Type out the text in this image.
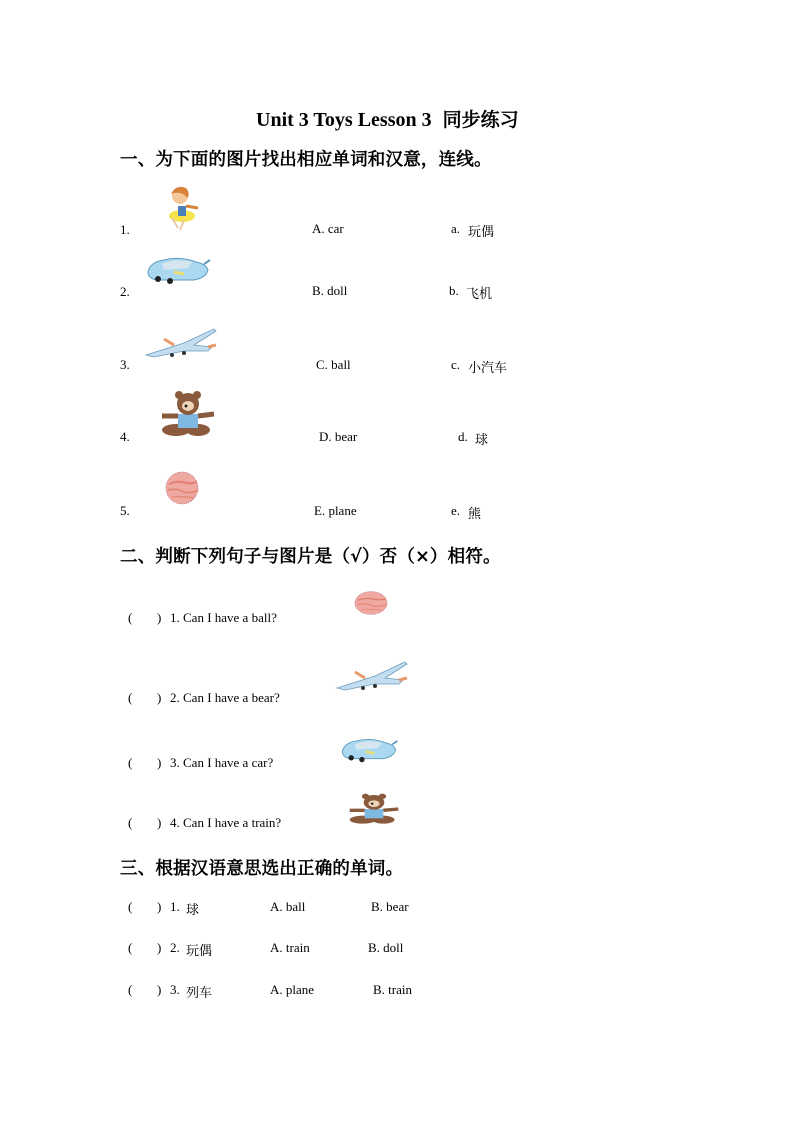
Unit 3 Toys Lesson 3 同步练习
一、为下面的图片找出相应单词和汉意，连线。
1.	A. car	a. 玩偶
2.	B. doll	b. 飞机
3.	C. ball	c. 小汽车
4.	D. bear	d. 球
5.	E. plane	e. 熊
二、判断下列句子与图片是（√）否（×）相符。
( ) 1. Can I have a ball?
( ) 2. Can I have a bear?
( ) 3. Can I have a car?
( ) 4. Can I have a train?
三、根据汉语意思选出正确的单词。
( ) 1. 球	A. ball	B. bear
( ) 2. 玩偶	A. train	B. doll
( ) 3. 列车	A. plane	B. train
